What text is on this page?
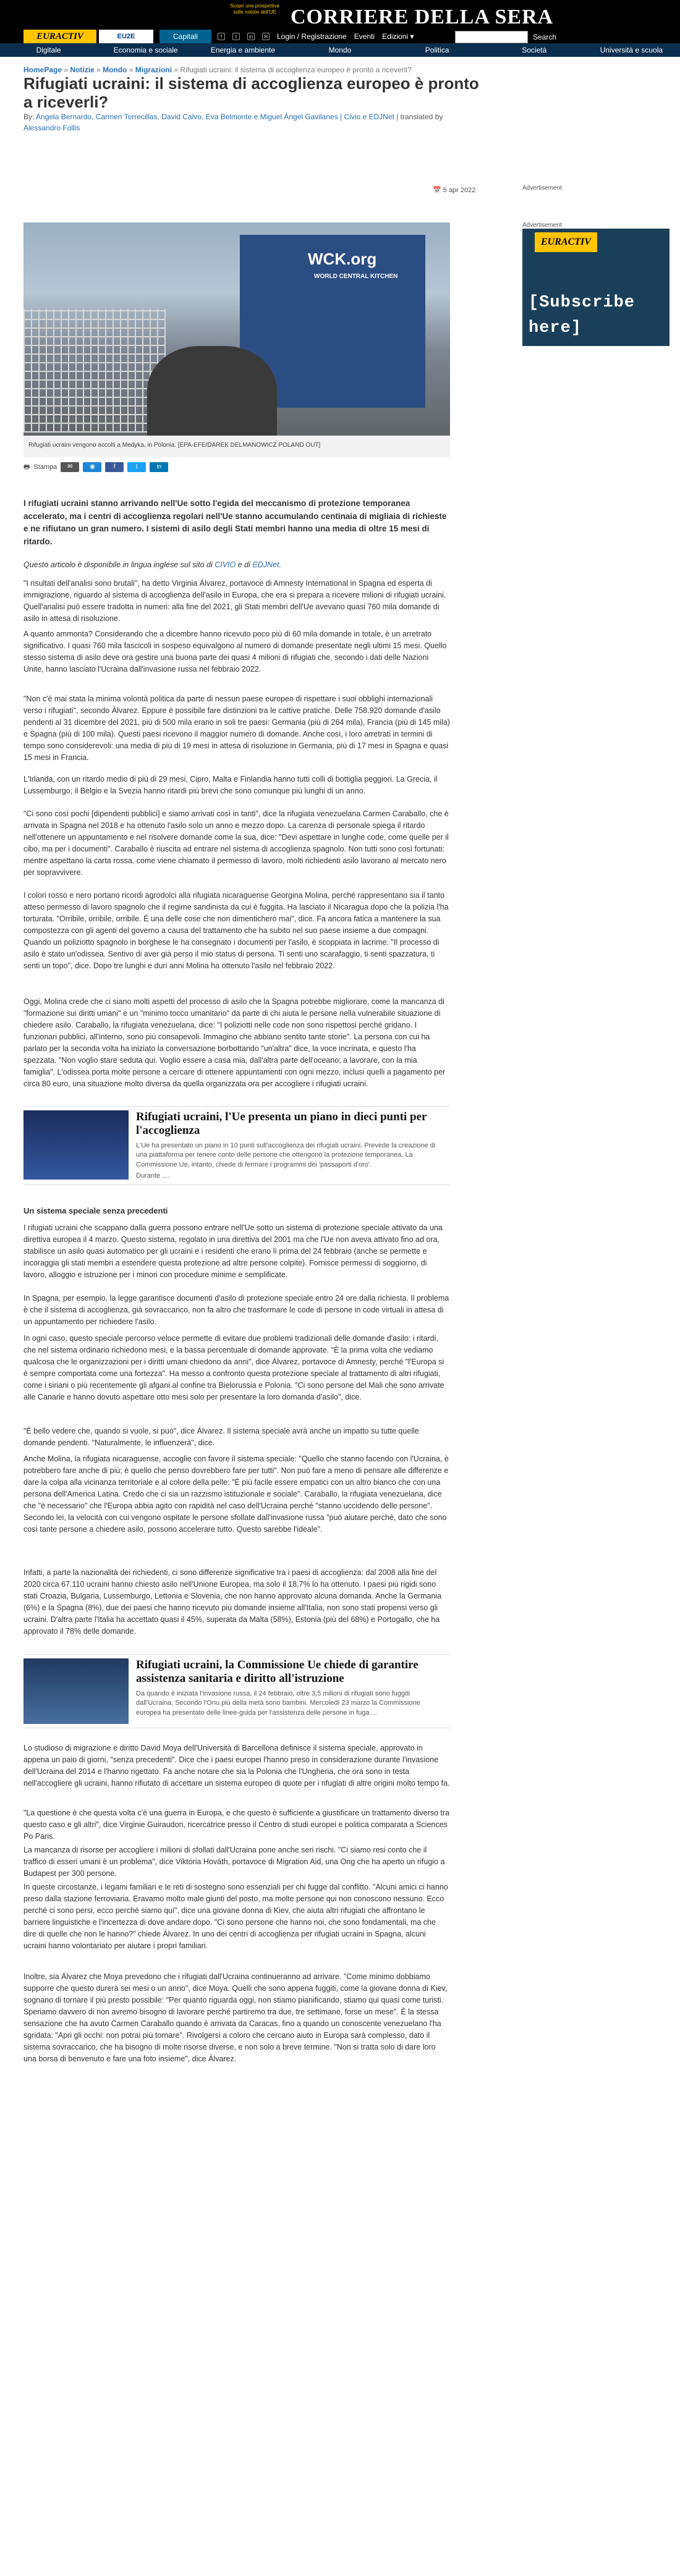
Scopri una prospettiva
sulle notizie dell'UE CORRIERE DELLA SERA
EURACTIV	EU2E	Capitali	f	t	in	✉ Login / Registrazione Eventi Edizioni ▾	Search
Digitale	Economia e sociale	Energia e ambiente	Mondo	Politica	Società	Università e scuola
HomePage » Notizie » Mondo » Migrazioni » Rifugiati ucraini: il sistema di accoglienza europeo è pronto a riceverli?
Rifugiati ucraini: il sistema di accoglienza europeo è pronto a riceverli?
By: Angela Bernardo, Carmen Torrecillas, David Calvo, Eva Belmonte e Miguel Ángel Gavilanes | Civio e EDJNet | translated by Alessandro Follis
📅 5 apr 2022	Advertisement
Advertisement
EURACTIV
[Subscribe here]
WCK.org
WORLD CENTRAL KITCHEN
Rifugiati ucraini vengono accolti a Medyka, in Polonia. [EPA-EFE/DAREK DELMANOWICZ POLAND OUT]
🖶 Stampa	✉	◉	f	t	in
I rifugiati ucraini stanno arrivando nell'Ue sotto l'egida del meccanismo di protezione temporanea accelerato, ma i centri di accoglienza regolari nell'Ue stanno accumulando centinaia di migliaia di richieste e ne rifiutano un gran numero. I sistemi di asilo degli Stati membri hanno una media di oltre 15 mesi di ritardo.
Questo articolo è disponibile in lingua inglese sul sito di CIVIO e di EDJNet.
"I risultati dell'analisi sono brutali", ha detto Virginia Álvarez, portavoce di Amnesty International in Spagna ed esperta di immigrazione, riguardo al sistema di accoglienza dell'asilo in Europa, che era si prepara a ricevere milioni di rifugiati ucraini. Quell'analisi può essere tradotta in numeri: alla fine del 2021, gli Stati membri dell'Ue avevano quasi 760 mila domande di asilo in attesa di risoluzione.
A quanto ammonta? Considerando che a dicembre hanno ricevuto poco più di 60 mila domande in totale, è un arretrato significativo. I quasi 760 mila fascicoli in sospeso equivalgono al numero di domande presentate negli ultimi 15 mesi. Quello stesso sistema di asilo deve ora gestire una buona parte dei quasi 4 milioni di rifugiati che, secondo i dati delle Nazioni Unite, hanno lasciato l'Ucraina dall'invasione russa nel febbraio 2022.
"Non c'è mai stata la minima volontà politica da parte di nessun paese europeo di rispettare i suoi obblighi internazionali verso i rifugiati", secondo Álvarez. Eppure è possibile fare distinzioni tra le cattive pratiche. Delle 758.920 domande d'asilo pendenti al 31 dicembre del 2021, più di 500 mila erano in soli tre paesi: Germania (più di 264 mila), Francia (più di 145 mila) e Spagna (più di 100 mila). Questi paesi ricevono il maggior numero di domande. Anche così, i loro arretrati in termini di tempo sono considerevoli: una media di più di 19 mesi in attesa di risoluzione in Germania, più di 17 mesi in Spagna e quasi 15 mesi in Francia.
L'Irlanda, con un ritardo medio di più di 29 mesi, Cipro, Malta e Finlandia hanno tutti colli di bottiglia peggiori. La Grecia, il Lussemburgo, il Belgio e la Svezia hanno ritardi più brevi che sono comunque più lunghi di un anno.
"Ci sono così pochi [dipendenti pubblici] e siamo arrivati così in tanti", dice la rifugiata venezuelana Carmen Caraballo, che è arrivata in Spagna nel 2018 e ha ottenuto l'asilo solo un anno e mezzo dopo. La carenza di personale spiega il ritardo nell'ottenere un appuntamento e nel risolvere domande come la sua, dice: "Devi aspettare in lunghe code, come quelle per il cibo, ma per i documenti". Caraballo è riuscita ad entrare nel sistema di accoglienza spagnolo. Non tutti sono così fortunati: mentre aspettano la carta rossa, come viene chiamato il permesso di lavoro, molti richiedenti asilo lavorano al mercato nero per sopravvivere.
I colori rosso e nero portano ricordi agrodolci alla rifugiata nicaraguense Georgina Molina, perché rappresentano sia il tanto atteso permesso di lavoro spagnolo che il regime sandinista da cui è fuggita. Ha lasciato il Nicaragua dopo che la polizia l'ha torturata. "Orribile, orribile, orribile. È una delle cose che non dimenticherò mai", dice. Fa ancora fatica a mantenere la sua compostezza con gli agenti del governo a causa del trattamento che ha subito nel suo paese insieme a due compagni. Quando un poliziotto spagnolo in borghese le ha consegnato i documenti per l'asilo, è scoppiata in lacrime. "Il processo di asilo è stato un'odissea. Sentivo di aver già perso il mio status di persona. Ti senti uno scarafaggio, ti senti spazzatura, ti senti un topo", dice. Dopo tre lunghi e duri anni Molina ha ottenuto l'asilo nel febbraio 2022.
Oggi, Molina crede che ci siano molti aspetti del processo di asilo che la Spagna potrebbe migliorare, come la mancanza di "formazione sui diritti umani" e un "minimo tocco umanitario" da parte di chi aiuta le persone nella vulnerabile situazione di chiedere asilo. Caraballo, la rifugiata venezuelana, dice: "I poliziotti nelle code non sono rispettosi perché gridano. I funzionari pubblici, all'interno, sono più consapevoli. Immagino che abbiano sentito tante storie". La persona con cui ha parlato per la seconda volta ha iniziato la conversazione borbottando "un'altra" dice, la voce incrinata, e questo l'ha spezzata. "Non voglio stare seduta qui. Voglio essere a casa mia, dall'altra parte dell'oceano; a lavorare, con la mia famiglia". L'odissea porta molte persone a cercare di ottenere appuntamenti con ogni mezzo, inclusi quelli a pagamento per circa 80 euro, una situazione molto diversa da quella organizzata ora per accogliere i rifugiati ucraini.
Rifugiati ucraini, l'Ue presenta un piano in dieci punti per l'accoglienza
L'Ue ha presentato un piano in 10 punti sull'accoglienza dei rifugiati ucraini. Prevede la creazione di una piattaforma per tenere conto delle persone che ottengono la protezione temporanea. La Commissione Ue, intanto, chiede di fermare i programmi dei 'passaporti d'oro'.
Durante ....
Un sistema speciale senza precedenti
I rifugiati ucraini che scappano dalla guerra possono entrare nell'Ue sotto un sistema di protezione speciale attivato da una direttiva europea il 4 marzo. Questo sistema, regolato in una direttiva del 2001 ma che l'Ue non aveva attivato fino ad ora, stabilisce un asilo quasi automatico per gli ucraini e i residenti che erano lì prima del 24 febbraio (anche se permette e incoraggia gli stati membri a estendere questa protezione ad altre persone colpite). Fornisce permessi di soggiorno, di lavoro, alloggio e istruzione per i minori con procedure minime e semplificate.
In Spagna, per esempio, la legge garantisce documenti d'asilo di protezione speciale entro 24 ore dalla richiesta. Il problema è che il sistema di accoglienza, già sovraccarico, non fa altro che trasformare le code di persone in code virtuali in attesa di un appuntamento per richiedere l'asilo.
In ogni caso, questo speciale percorso veloce permette di evitare due problemi tradizionali delle domande d'asilo: i ritardi, che nel sistema ordinario richiedono mesi, e la bassa percentuale di domande approvate. "È la prima volta che vediamo qualcosa che le organizzazioni per i diritti umani chiedono da anni", dice Álvarez, portavoce di Amnesty, perché "l'Europa si è sempre comportata come una fortezza". Ha messo a confronto questa protezione speciale al trattamento di altri rifugiati, come i siriani o più recentemente gli afgani al confine tra Bielorussia e Polonia. "Ci sono persone del Mali che sono arrivate alle Canarie e hanno dovuto aspettare otto mesi solo per presentare la loro domanda d'asilo", dice.
"È bello vedere che, quando si vuole, si può", dice Álvarez. Il sistema speciale avrà anche un impatto su tutte quelle domande pendenti. "Naturalmente, le influenzerà", dice.
Anche Molina, la rifugiata nicaraguense, accoglie con favore il sistema speciale: "Quello che stanno facendo con l'Ucraina, è potrebbero fare anche di più; è quello che penso dovrebbero fare per tutti". Non può fare a meno di pensare alle differenze e dare la colpa alla vicinanza territoriale e al colore della pelle: "È più facile essere empatici con un altro bianco che con una persona dell'America Latina. Credo che ci sia un razzismo istituzionale e sociale". Caraballo, la rifugiata venezuelana, dice che "è necessario" che l'Europa abbia agito con rapidità nel caso dell'Ucraina perché "stanno uccidendo delle persone". Secondo lei, la velocità con cui vengono ospitate le persone sfollate dall'invasione russa "può aiutare perché, dato che sono così tante persone a chiedere asilo, possono accelerare tutto. Questo sarebbe l'ideale".
Infatti, a parte la nazionalità dei richiedenti, ci sono differenze significative tra i paesi di accoglienza: dal 2008 alla fine del 2020 circa 67.110 ucraini hanno chiesto asilo nell'Unione Europea, ma solo il 18,7% lo ha ottenuto. I paesi più rigidi sono stati Croazia, Bulgaria, Lussemburgo, Lettonia e Slovenia, che non hanno approvato alcuna domanda. Anche la Germania (6%) e la Spagna (8%), due dei paesi che hanno ricevuto più domande insieme all'Italia, non sono stati propensi verso gli ucraini. D'altra parte l'Italia ha accettato quasi il 45%, superata da Malta (58%), Estonia (più del 68%) e Portogallo, che ha approvato il 78% delle domande.
Rifugiati ucraini, la Commissione Ue chiede di garantire assistenza sanitaria e diritto all'istruzione
Da quando è iniziata l'invasione russa, il 24 febbraio, oltre 3,5 milioni di rifugiati sono fuggiti dall'Ucraina. Secondo l'Onu più della metà sono bambini. Mercoledì 23 marzo la Commissione europea ha presentato delle linee-guida per l'assistenza delle persone in fuga ...
Lo studioso di migrazione e diritto David Moya dell'Università di Barcellona definisce il sistema speciale, approvato in appena un paio di giorni, "senza precedenti". Dice che i paesi europei l'hanno preso in considerazione durante l'invasione dell'Ucraina del 2014 e l'hanno rigettato. Fa anche notare che sia la Polonia che l'Ungheria, che ora sono in testa nell'accogliere gli ucraini, hanno rifiutato di accettare un sistema europeo di quote per i rifugiati di altre origini molto tempo fa.
"La questione è che questa volta c'è una guerra in Europa, e che questo è sufficiente a giustificare un trattamento diverso tra questo caso e gli altri", dice Virginie Guiraudon, ricercatrice presso il Centro di studi europei e politica comparata a Sciences Po Paris.
La mancanza di risorse per accogliere i milioni di sfollati dall'Ucraina pone anche seri rischi. "Ci siamo resi conto che il traffico di esseri umani è un problema", dice Viktória Hováth, portavoce di Migration Aid, una Ong che ha aperto un rifugio a Budapest per 300 persone.
In queste circostanze, i legami familiari e le reti di sostegno sono essenziali per chi fugge dal conflitto. "Alcuni amici ci hanno preso dalla stazione ferroviaria. Eravamo molto male giunti del posto, ma molte persone qui non conoscono nessuno. Ecco perché ci sono persi, ecco perché siamo qui", dice una giovane donna di Kiev, che aiuta altri rifugiati che affrontano le barriere linguistiche e l'incertezza di dove andare dopo. "Ci sono persone che hanno noi, che sono fondamentali, ma che dire di quelle che non le hanno?" chiede Álvarez. In uno dei centri di accoglienza per rifugiati ucraini in Spagna, alcuni ucraini hanno volontariato per aiutare i propri familiari.
Inoltre, sia Álvarez che Moya prevedono che i rifugiati dall'Ucraina continueranno ad arrivare. "Come minimo dobbiamo supporre che questo durerà sei mesi o un anno", dice Moya. Quelli che sono appena fuggiti, come la giovane donna di Kiev, sognano di tornare il più presto possibile: "Per quanto riguarda oggi, non stiamo pianificando, stiamo qui quasi come turisti. Speriamo davvero di non avremo bisogno di lavorare perché partiremo tra due, tre settimane, forse un mese". È la stessa sensazione che ha avuto Carmen Caraballo quando è arrivata da Caracas, fino a quando un conoscente venezuelano l'ha sgridata: "Apri gli occhi: non potrai più tornare". Rivolgersi a coloro che cercano aiuto in Europa sarà complesso, dato il sistema sovraccarico, che ha bisogno di molte risorse diverse, e non solo a breve termine. "Non si tratta solo di dare loro una borsa di benvenuto e fare una foto insieme", dice Álvarez.
